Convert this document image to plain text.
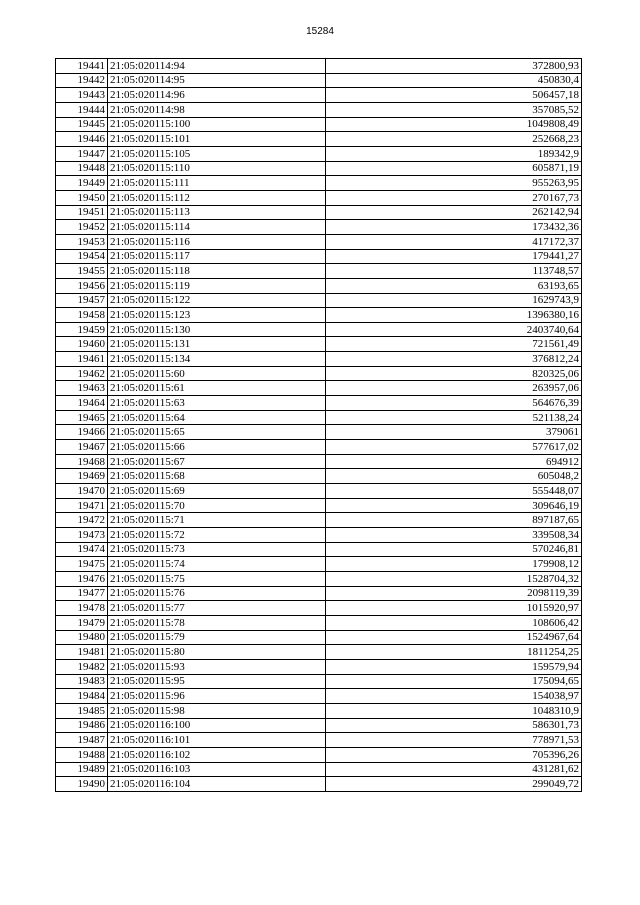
15284
19441	21:05:020114:94	372800,93
19442	21:05:020114:95	450830,4
19443	21:05:020114:96	506457,18
19444	21:05:020114:98	357085,52
19445	21:05:020115:100	1049808,49
19446	21:05:020115:101	252668,23
19447	21:05:020115:105	189342,9
19448	21:05:020115:110	605871,19
19449	21:05:020115:111	955263,95
19450	21:05:020115:112	270167,73
19451	21:05:020115:113	262142,94
19452	21:05:020115:114	173432,36
19453	21:05:020115:116	417172,37
19454	21:05:020115:117	179441,27
19455	21:05:020115:118	113748,57
19456	21:05:020115:119	63193,65
19457	21:05:020115:122	1629743,9
19458	21:05:020115:123	1396380,16
19459	21:05:020115:130	2403740,64
19460	21:05:020115:131	721561,49
19461	21:05:020115:134	376812,24
19462	21:05:020115:60	820325,06
19463	21:05:020115:61	263957,06
19464	21:05:020115:63	564676,39
19465	21:05:020115:64	521138,24
19466	21:05:020115:65	379061
19467	21:05:020115:66	577617,02
19468	21:05:020115:67	694912
19469	21:05:020115:68	605048,2
19470	21:05:020115:69	555448,07
19471	21:05:020115:70	309646,19
19472	21:05:020115:71	897187,65
19473	21:05:020115:72	339508,34
19474	21:05:020115:73	570246,81
19475	21:05:020115:74	179908,12
19476	21:05:020115:75	1528704,32
19477	21:05:020115:76	2098119,39
19478	21:05:020115:77	1015920,97
19479	21:05:020115:78	108606,42
19480	21:05:020115:79	1524967,64
19481	21:05:020115:80	1811254,25
19482	21:05:020115:93	159579,94
19483	21:05:020115:95	175094,65
19484	21:05:020115:96	154038,97
19485	21:05:020115:98	1048310,9
19486	21:05:020116:100	586301,73
19487	21:05:020116:101	778971,53
19488	21:05:020116:102	705396,26
19489	21:05:020116:103	431281,62
19490	21:05:020116:104	299049,72
